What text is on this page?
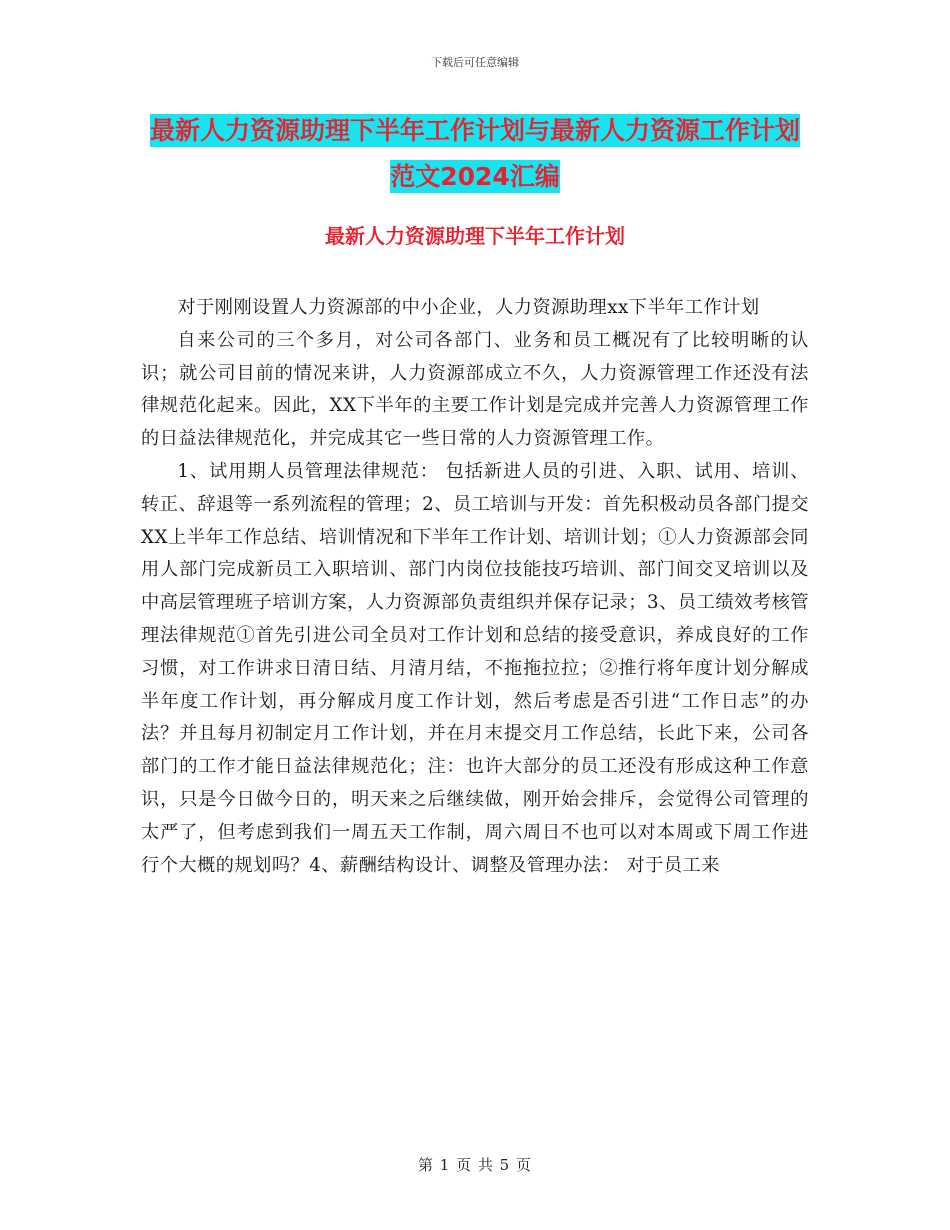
下载后可任意编辑
最新人力资源助理下半年工作计划与最新人力资源工作计划范文2024汇编
最新人力资源助理下半年工作计划

对于刚刚设置人力资源部的中小企业，人力资源助理xx下半年工作计划

自来公司的三个多月，对公司各部门、业务和员工概况有了比较明晰的认识；就公司目前的情况来讲，人力资源部成立不久，人力资源管理工作还没有法律规范化起来。因此，XX下半年的主要工作计划是完成并完善人力资源管理工作的日益法律规范化，并完成其它一些日常的人力资源管理工作。

1、试用期人员管理法律规范： 包括新进人员的引进、入职、试用、培训、转正、辞退等一系列流程的管理；2、员工培训与开发：首先积极动员各部门提交XX上半年工作总结、培训情况和下半年工作计划、培训计划；①人力资源部会同用人部门完成新员工入职培训、部门内岗位技能技巧培训、部门间交叉培训以及中高层管理班子培训方案，人力资源部负责组织并保存记录；3、员工绩效考核管理法律规范①首先引进公司全员对工作计划和总结的接受意识，养成良好的工作习惯，对工作讲求日清日结、月清月结，不拖拖拉拉；②推行将年度计划分解成半年度工作计划，再分解成月度工作计划，然后考虑是否引进“工作日志”的办法？并且每月初制定月工作计划，并在月末提交月工作总结，长此下来，公司各部门的工作才能日益法律规范化；注：也许大部分的员工还没有形成这种工作意识，只是今日做今日的，明天来之后继续做，刚开始会排斥，会觉得公司管理的太严了，但考虑到我们一周五天工作制，周六周日不也可以对本周或下周工作进行个大概的规划吗？4、薪酬结构设计、调整及管理办法： 对于员工来

第 1 页 共 5 页
